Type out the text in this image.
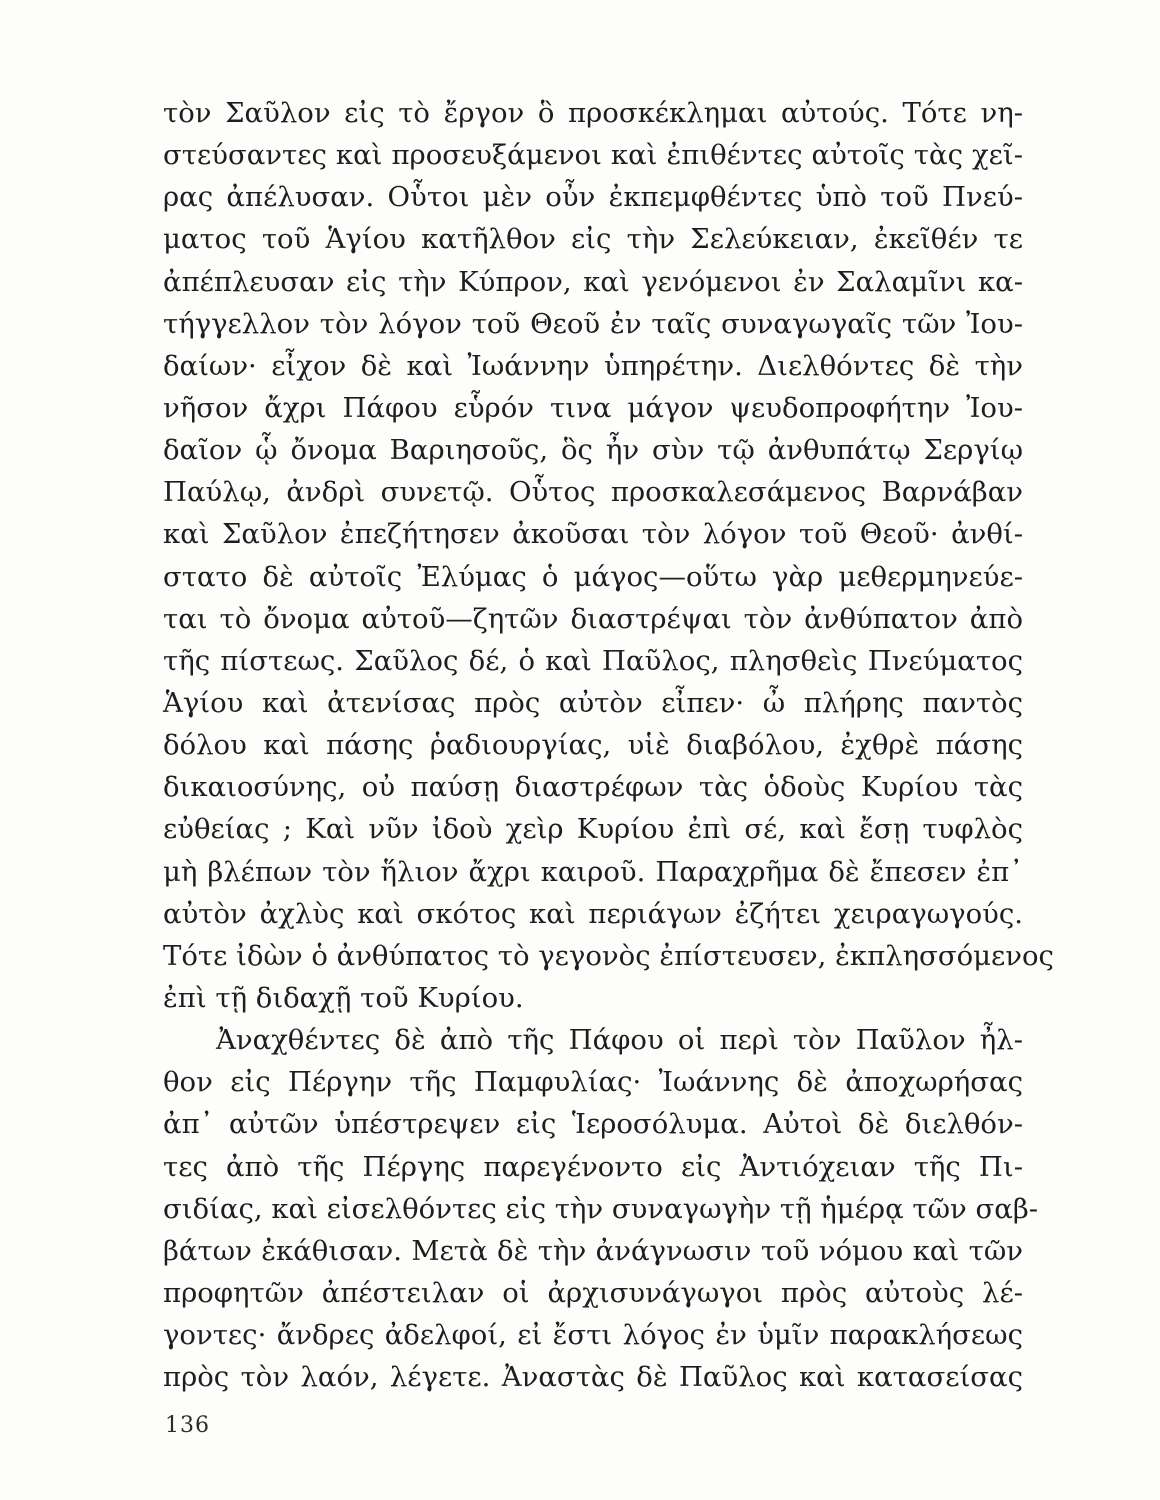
τὸν Σαῦλον εἰς τὸ ἔργον ὃ προσκέκλημαι αὐτούς. Τότε νη-
στεύσαντες καὶ προσευξάμενοι καὶ ἐπιθέντες αὐτοῖς τὰς χεῖ-
ρας ἀπέλυσαν. Οὗτοι μὲν οὖν ἐκπεμφθέντες ὑπὸ τοῦ Πνεύ-
ματος τοῦ Ἁγίου κατῆλθον εἰς τὴν Σελεύκειαν, ἐκεῖθέν τε
ἀπέπλευσαν εἰς τὴν Κύπρον, καὶ γενόμενοι ἐν Σαλαμῖνι κα-
τήγγελλον τὸν λόγον τοῦ Θεοῦ ἐν ταῖς συναγωγαῖς τῶν Ἰου-
δαίων· εἶχον δὲ καὶ Ἰωάννην ὑπηρέτην. Διελθόντες δὲ τὴν
νῆσον ἄχρι Πάφου εὗρόν τινα μάγον ψευδοπροφήτην Ἰου-
δαῖον ᾧ ὄνομα Βαριησοῦς, ὃς ἦν σὺν τῷ ἀνθυπάτῳ Σεργίῳ
Παύλῳ, ἀνδρὶ συνετῷ. Οὗτος προσκαλεσάμενος Βαρνάβαν
καὶ Σαῦλον ἐπεζήτησεν ἀκοῦσαι τὸν λόγον τοῦ Θεοῦ· ἀνθί-
στατο δὲ αὐτοῖς Ἐλύμας ὁ μάγος—οὕτω γὰρ μεθερμηνεύε-
ται τὸ ὄνομα αὐτοῦ—ζητῶν διαστρέψαι τὸν ἀνθύπατον ἀπὸ
τῆς πίστεως. Σαῦλος δέ, ὁ καὶ Παῦλος, πλησθεὶς Πνεύματος
Ἁγίου καὶ ἀτενίσας πρὸς αὐτὸν εἶπεν· ὦ πλήρης παντὸς
δόλου καὶ πάσης ῥαδιουργίας, υἱὲ διαβόλου, ἐχθρὲ πάσης
δικαιοσύνης, οὐ παύσῃ διαστρέφων τὰς ὁδοὺς Κυρίου τὰς
εὐθείας ; Καὶ νῦν ἰδοὺ χεὶρ Κυρίου ἐπὶ σέ, καὶ ἔσῃ τυφλὸς
μὴ βλέπων τὸν ἥλιον ἄχρι καιροῦ. Παραχρῆμα δὲ ἔπεσεν ἐπ᾽
αὐτὸν ἀχλὺς καὶ σκότος καὶ περιάγων ἐζήτει χειραγωγούς.
Τότε ἰδὼν ὁ ἀνθύπατος τὸ γεγονὸς ἐπίστευσεν, ἐκπλησσόμενος
ἐπὶ τῇ διδαχῇ τοῦ Κυρίου.
Ἀναχθέντες δὲ ἀπὸ τῆς Πάφου οἱ περὶ τὸν Παῦλον ἦλ-
θον εἰς Πέργην τῆς Παμφυλίας· Ἰωάννης δὲ ἀποχωρήσας
ἀπ᾽ αὐτῶν ὑπέστρεψεν εἰς Ἱεροσόλυμα. Αὐτοὶ δὲ διελθόν-
τες ἀπὸ τῆς Πέργης παρεγένοντο εἰς Ἀντιόχειαν τῆς Πι-
σιδίας, καὶ εἰσελθόντες εἰς τὴν συναγωγὴν τῇ ἡμέρᾳ τῶν σαβ-
βάτων ἐκάθισαν. Μετὰ δὲ τὴν ἀνάγνωσιν τοῦ νόμου καὶ τῶν
προφητῶν ἀπέστειλαν οἱ ἀρχισυνάγωγοι πρὸς αὐτοὺς λέ-
γοντες· ἄνδρες ἀδελφοί, εἰ ἔστι λόγος ἐν ὑμῖν παρακλήσεως
πρὸς τὸν λαόν, λέγετε. Ἀναστὰς δὲ Παῦλος καὶ κατασείσας
136
